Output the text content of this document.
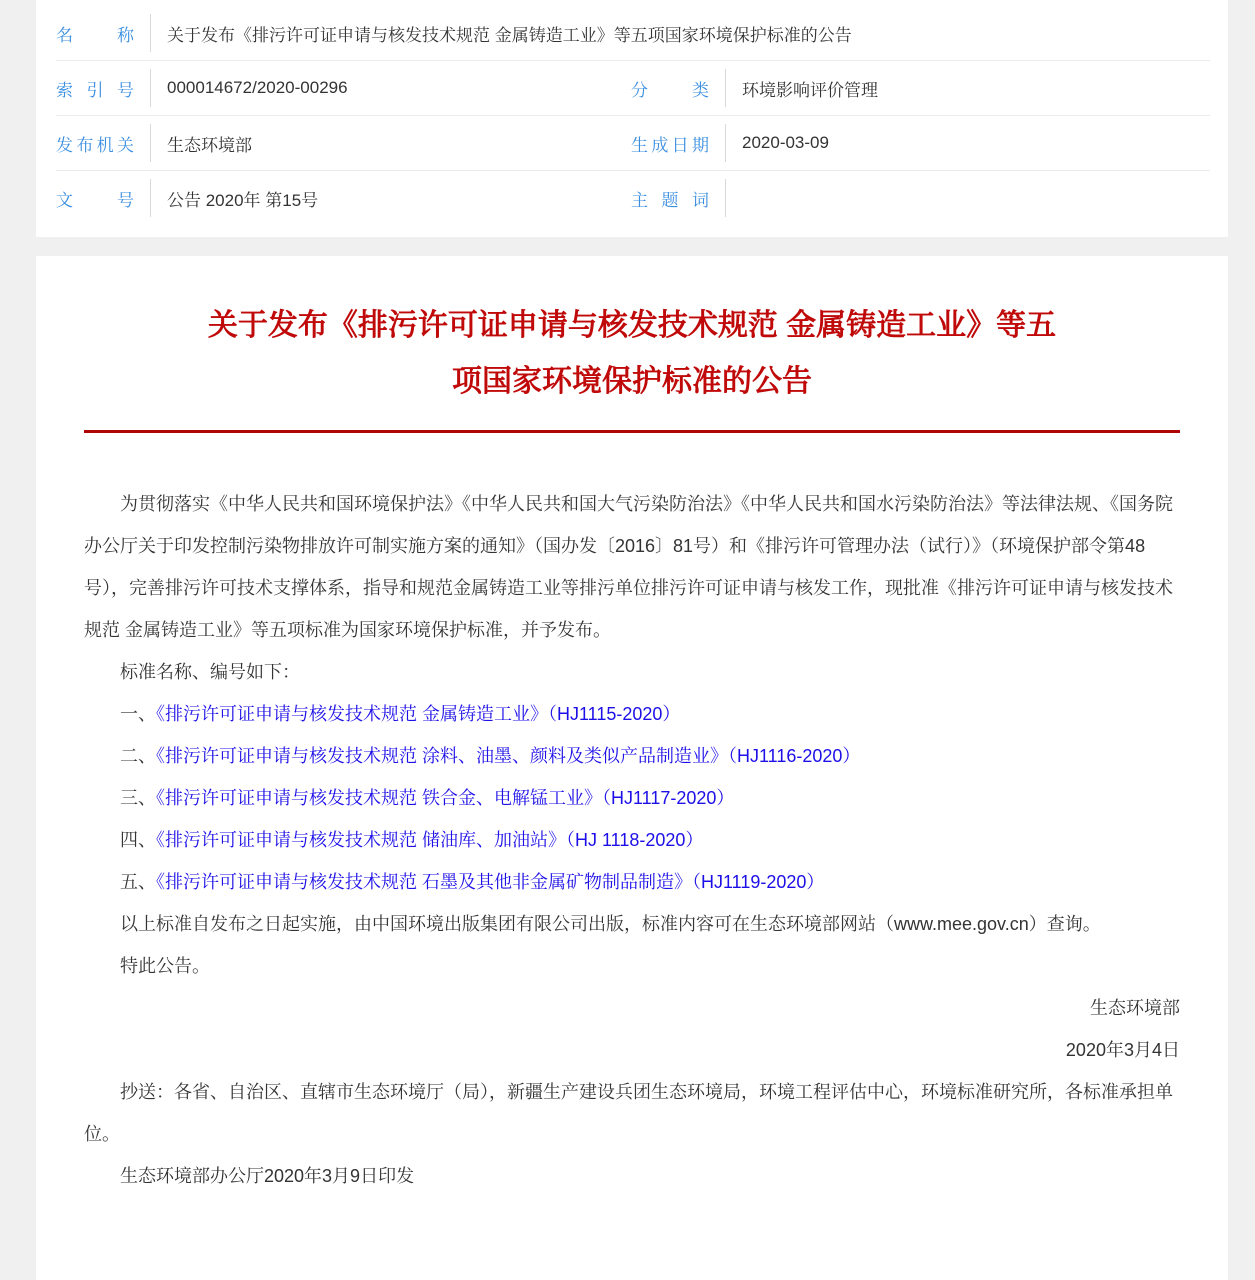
名称 关于发布《排污许可证申请与核发技术规范 金属铸造工业》等五项国家环境保护标准的公告
索引号 000014672/2020-00296	分类 环境影响评价管理
发布机关 生态环境部	生成日期 2020-03-09
文号 公告 2020年 第15号	主题词
关于发布《排污许可证申请与核发技术规范 金属铸造工业》等五
项国家环境保护标准的公告

为贯彻落实《中华人民共和国环境保护法》《中华人民共和国大气污染防治法》《中华人民共和国水污染防治法》等法律法规、《国务院办公厅关于印发控制污染物排放许可制实施方案的通知》（国办发〔2016〕81号）和《排污许可管理办法（试行）》（环境保护部令第48号），完善排污许可技术支撑体系，指导和规范金属铸造工业等排污单位排污许可证申请与核发工作，现批准《排污许可证申请与核发技术规范 金属铸造工业》等五项标准为国家环境保护标准，并予发布。

标准名称、编号如下：

一、《排污许可证申请与核发技术规范 金属铸造工业》（HJ1115-2020）

二、《排污许可证申请与核发技术规范 涂料、油墨、颜料及类似产品制造业》（HJ1116-2020）

三、《排污许可证申请与核发技术规范 铁合金、电解锰工业》（HJ1117-2020）

四、《排污许可证申请与核发技术规范 储油库、加油站》（HJ 1118-2020）

五、《排污许可证申请与核发技术规范 石墨及其他非金属矿物制品制造》（HJ1119-2020）

以上标准自发布之日起实施，由中国环境出版集团有限公司出版，标准内容可在生态环境部网站（www.mee.gov.cn）查询。

特此公告。

生态环境部

2020年3月4日

抄送：各省、自治区、直辖市生态环境厅（局），新疆生产建设兵团生态环境局，环境工程评估中心，环境标准研究所，各标准承担单位。

生态环境部办公厅2020年3月9日印发
